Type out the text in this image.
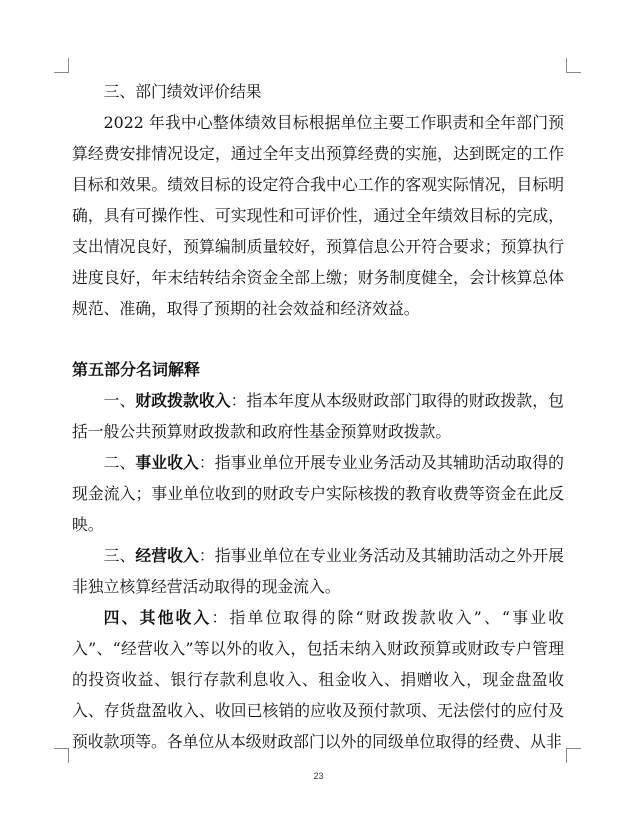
三、部门绩效评价结果

2022 年我中心整体绩效目标根据单位主要工作职责和全年部门预算经费安排情况设定，通过全年支出预算经费的实施，达到既定的工作目标和效果。绩效目标的设定符合我中心工作的客观实际情况，目标明确，具有可操作性、可实现性和可评价性，通过全年绩效目标的完成，支出情况良好，预算编制质量较好，预算信息公开符合要求；预算执行进度良好，年末结转结余资金全部上缴；财务制度健全，会计核算总体规范、准确，取得了预期的社会效益和经济效益。

第五部分名词解释

一、财政拨款收入：指本年度从本级财政部门取得的财政拨款，包括一般公共预算财政拨款和政府性基金预算财政拨款。

二、事业收入：指事业单位开展专业业务活动及其辅助活动取得的现金流入；事业单位收到的财政专户实际核拨的教育收费等资金在此反映。

三、经营收入：指事业单位在专业业务活动及其辅助活动之外开展非独立核算经营活动取得的现金流入。

四、其他收入：指单位取得的除“财政拨款收入”、“事业收入”、“经营收入”等以外的收入，包括未纳入财政预算或财政专户管理的投资收益、银行存款利息收入、租金收入、捐赠收入，现金盘盈收入、存货盘盈收入、收回已核销的应收及预付款项、无法偿付的应付及预收款项等。各单位从本级财政部门以外的同级单位取得的经费、从非

23
